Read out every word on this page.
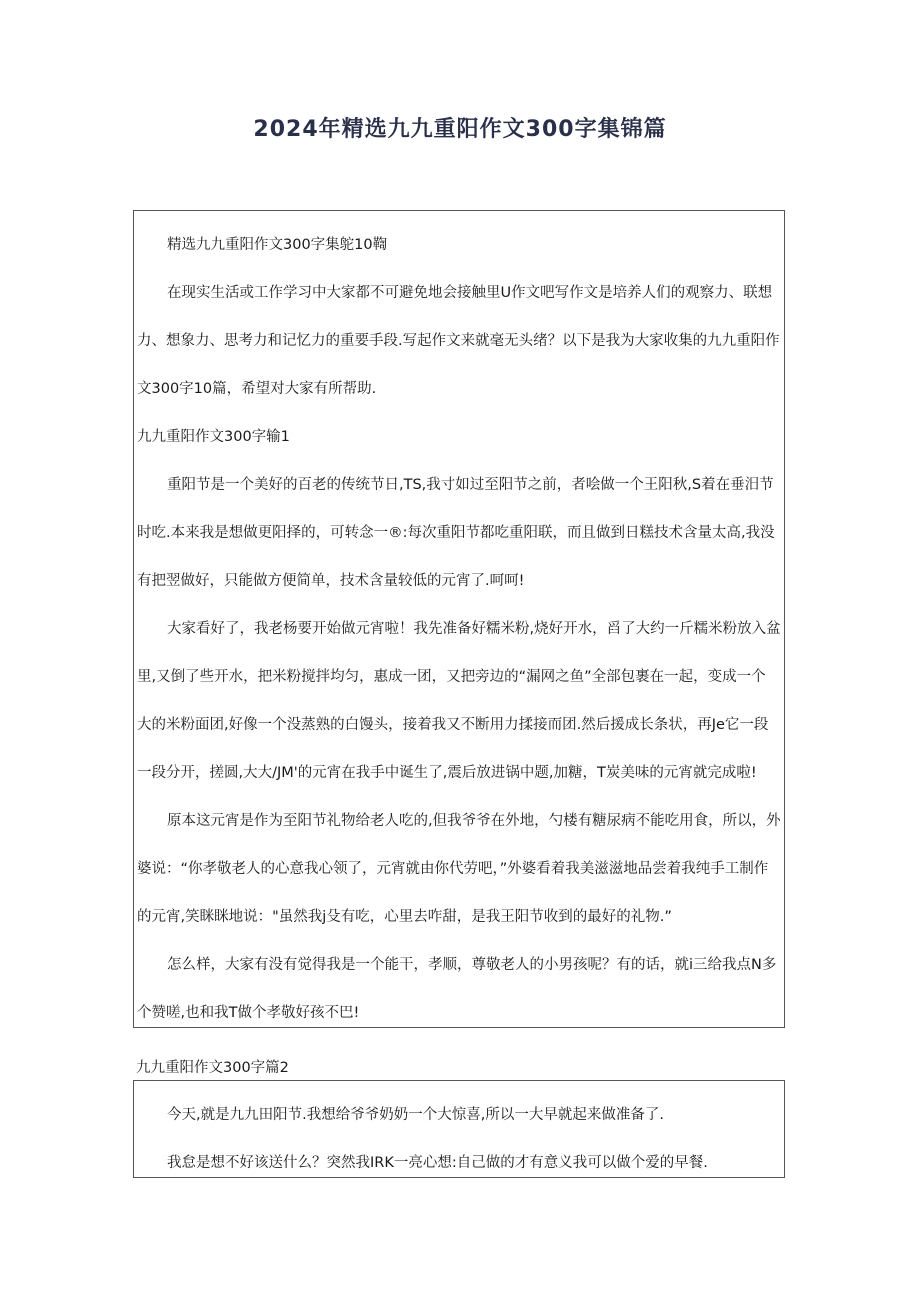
2024年精选九九重阳作文300字集锦篇
精选九九重阳作文300字集鸵10鞫
在现实生活或工作学习中大家都不可避免地会接触里U作文吧写作文是培养人们的观察力、联想
力、想象力、思考力和记忆力的重要手段.写起作文来就毫无头绪？以下是我为大家收集的九九重阳作
文300字10篇，希望对大家有所帮助.
九九重阳作文300字输1
重阳节是一个美好的百老的传统节日,TS,我寸如过至阳节之前，者哙做一个王阳秋,S着在垂汨节
时吃.本来我是想做更阳择的，可转念一®:每次重阳节都吃重阳联，而且做到日糕技术含量太高,我没
有把翌做好，只能做方便简单，技术含量较低的元宵了.呵呵!
大家看好了，我老杨要开始做元宵啦！我先准备好糯米粉,烧好开水，舀了大约一斤糯米粉放入盆
里,又倒了些开水，把米粉搅拌均匀，惠成一团，又把旁边的“漏网之鱼”全部包裹在一起，变成一个
大的米粉面团,好像一个没蒸熟的白馒头，接着我又不断用力揉接而团.然后援成长条状，再Je它一段
一段分开，搓圆,大大/JM'的元宵在我手中诞生了,震后放进锅中题,加糖，T炭美味的元宵就完成啦!
原本这元宵是作为至阳节礼物给老人吃的,但我爷爷在外地，勺楼有糖尿病不能吃用食，所以，外
婆说：“你孝敬老人的心意我心领了，元宵就由你代劳吧，”外婆看着我美滋滋地品尝着我纯手工制作
的元宵,笑眯眯地说："虽然我j殳有吃，心里去咋甜，是我王阳节收到的最好的礼物.”
怎么样，大家有没有觉得我是一个能干，孝顺，尊敬老人的小男孩呢？有的话，就i三给我点N多
个赞嗟,也和我T做个孝敬好孩不巴!
九九重阳作文300字篇2
今天,就是九九田阳节.我想给爷爷奶奶一个大惊喜,所以一大早就起来做准备了.
我怠是想不好该送什么？突然我IRK一亮心想:自己做的才有意义我可以做个爱的早餐.
